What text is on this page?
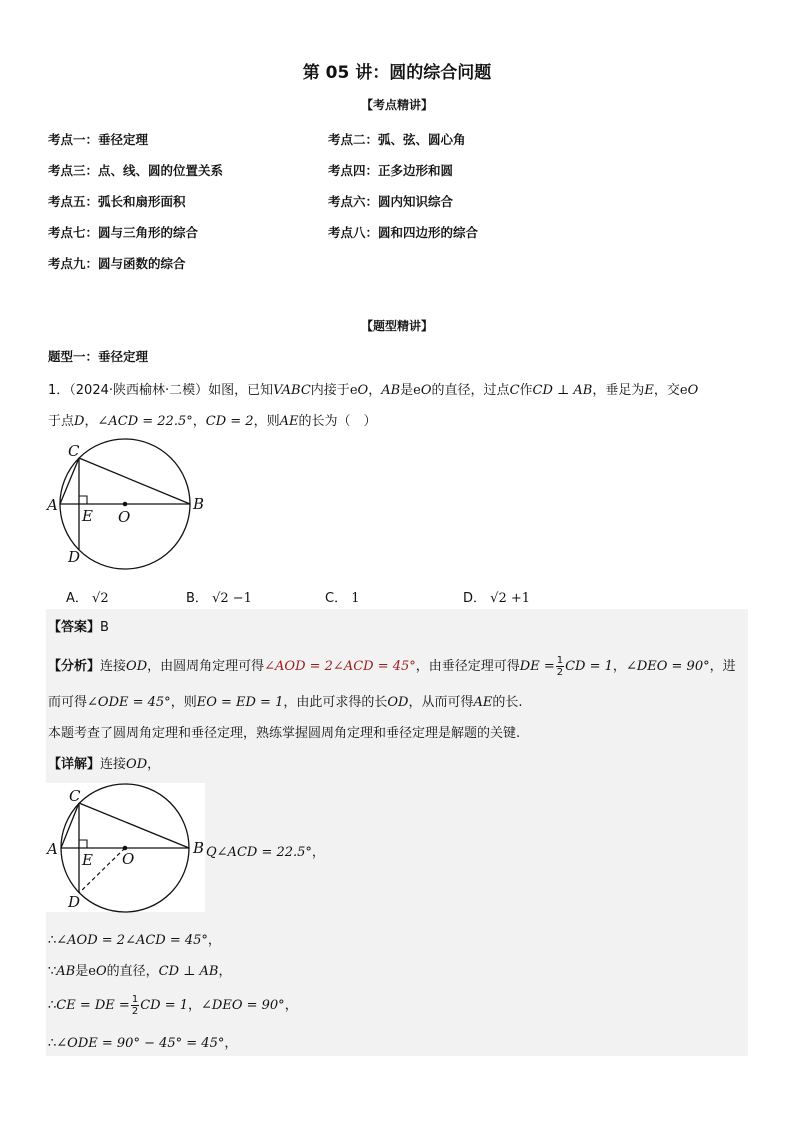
第 05 讲：圆的综合问题
【考点精讲】
考点一：垂径定理	考点二：弧、弦、圆心角
考点三：点、线、圆的位置关系	考点四：正多边形和圆
考点五：弧长和扇形面积	考点六：圆内知识综合
考点七：圆与三角形的综合	考点八：圆和四边形的综合
考点九：圆与函数的综合
【题型精讲】
题型一：垂径定理
1．（2024·陕西榆林·二模）如图，已知VABC内接于eO，AB是eO的直径，过点C作CD ⊥ AB，垂足为E，交eO
于点D，∠ACD = 22.5°，CD = 2，则AE的长为（　）
C
A	B
E O
D
A． √2	B． √2 −1	C． 1	D． √2 +1
【答案】B
【分析】连接OD，由圆周角定理可得∠AOD = 2∠ACD = 45°，由垂径定理可得DE = $\frac{1}{2}$ CD = 1，∠DEO = 90°，进
而可得∠ODE = 45°，则EO = ED = 1，由此可求得的长OD，从而可得AE的长.
本题考查了圆周角定理和垂径定理，熟练掌握圆周角定理和垂径定理是解题的关键.
【详解】连接OD，
C
A	B
E O
D
Q∠ACD = 22.5°，
∴∠AOD = 2∠ACD = 45°，
∵AB是eO的直径，CD ⊥ AB，
∴CE = DE = $\frac{1}{2}$ CD = 1，∠DEO = 90°，
∴∠ODE = 90° − 45° = 45°，
